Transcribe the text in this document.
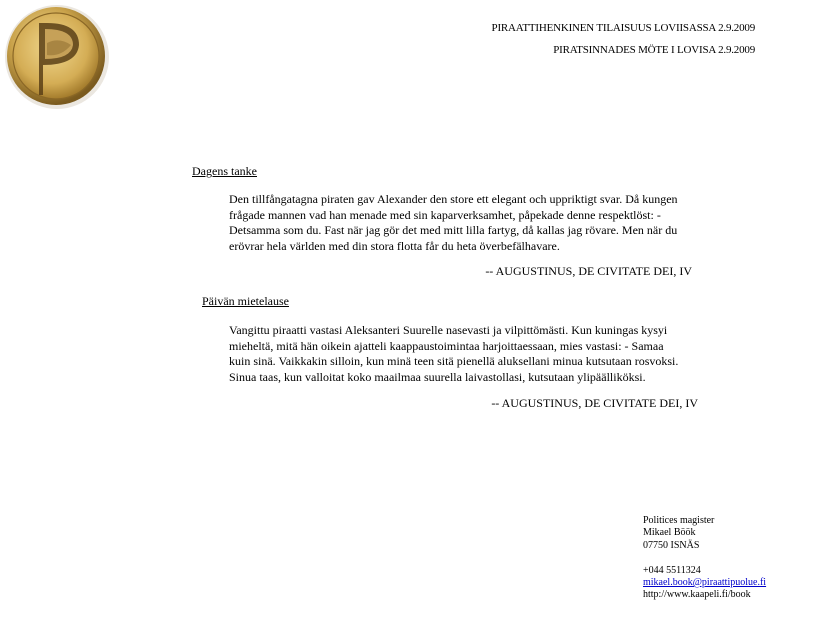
PIRAATTIHENKINEN TILAISUUS LOVIISASSA 2.9.2009
PIRATSINNADES MÖTE I LOVISA 2.9.2009
Dagens tanke
Den tillfångatagna piraten gav Alexander den store ett elegant och uppriktigt svar. Då kungen
frågade mannen vad han menade med sin kaparverksamhet, påpekade denne respektlöst: -
Detsamma som du. Fast när jag gör det med mitt lilla fartyg, då kallas jag rövare. Men när du
erövrar hela världen med din stora flotta får du heta överbefälhavare.
-- AUGUSTINUS, DE CIVITATE DEI, IV
Päivän mietelause
Vangittu piraatti vastasi Aleksanteri Suurelle nasevasti ja vilpittömästi. Kun kuningas kysyi
mieheltä, mitä hän oikein ajatteli kaappaustoimintaa harjoittaessaan, mies vastasi: - Samaa
kuin sinä. Vaikkakin silloin, kun minä teen sitä pienellä aluksellani minua kutsutaan rosvoksi.
Sinua taas, kun valloitat koko maailmaa suurella laivastollasi, kutsutaan ylipäälliköksi.
-- AUGUSTINUS, DE CIVITATE DEI, IV
Politices magister
Mikael Böök
07750 ISNÄS
+044 5511324
mikael.book@piraattipuolue.fi
http://www.kaapeli.fi/book
